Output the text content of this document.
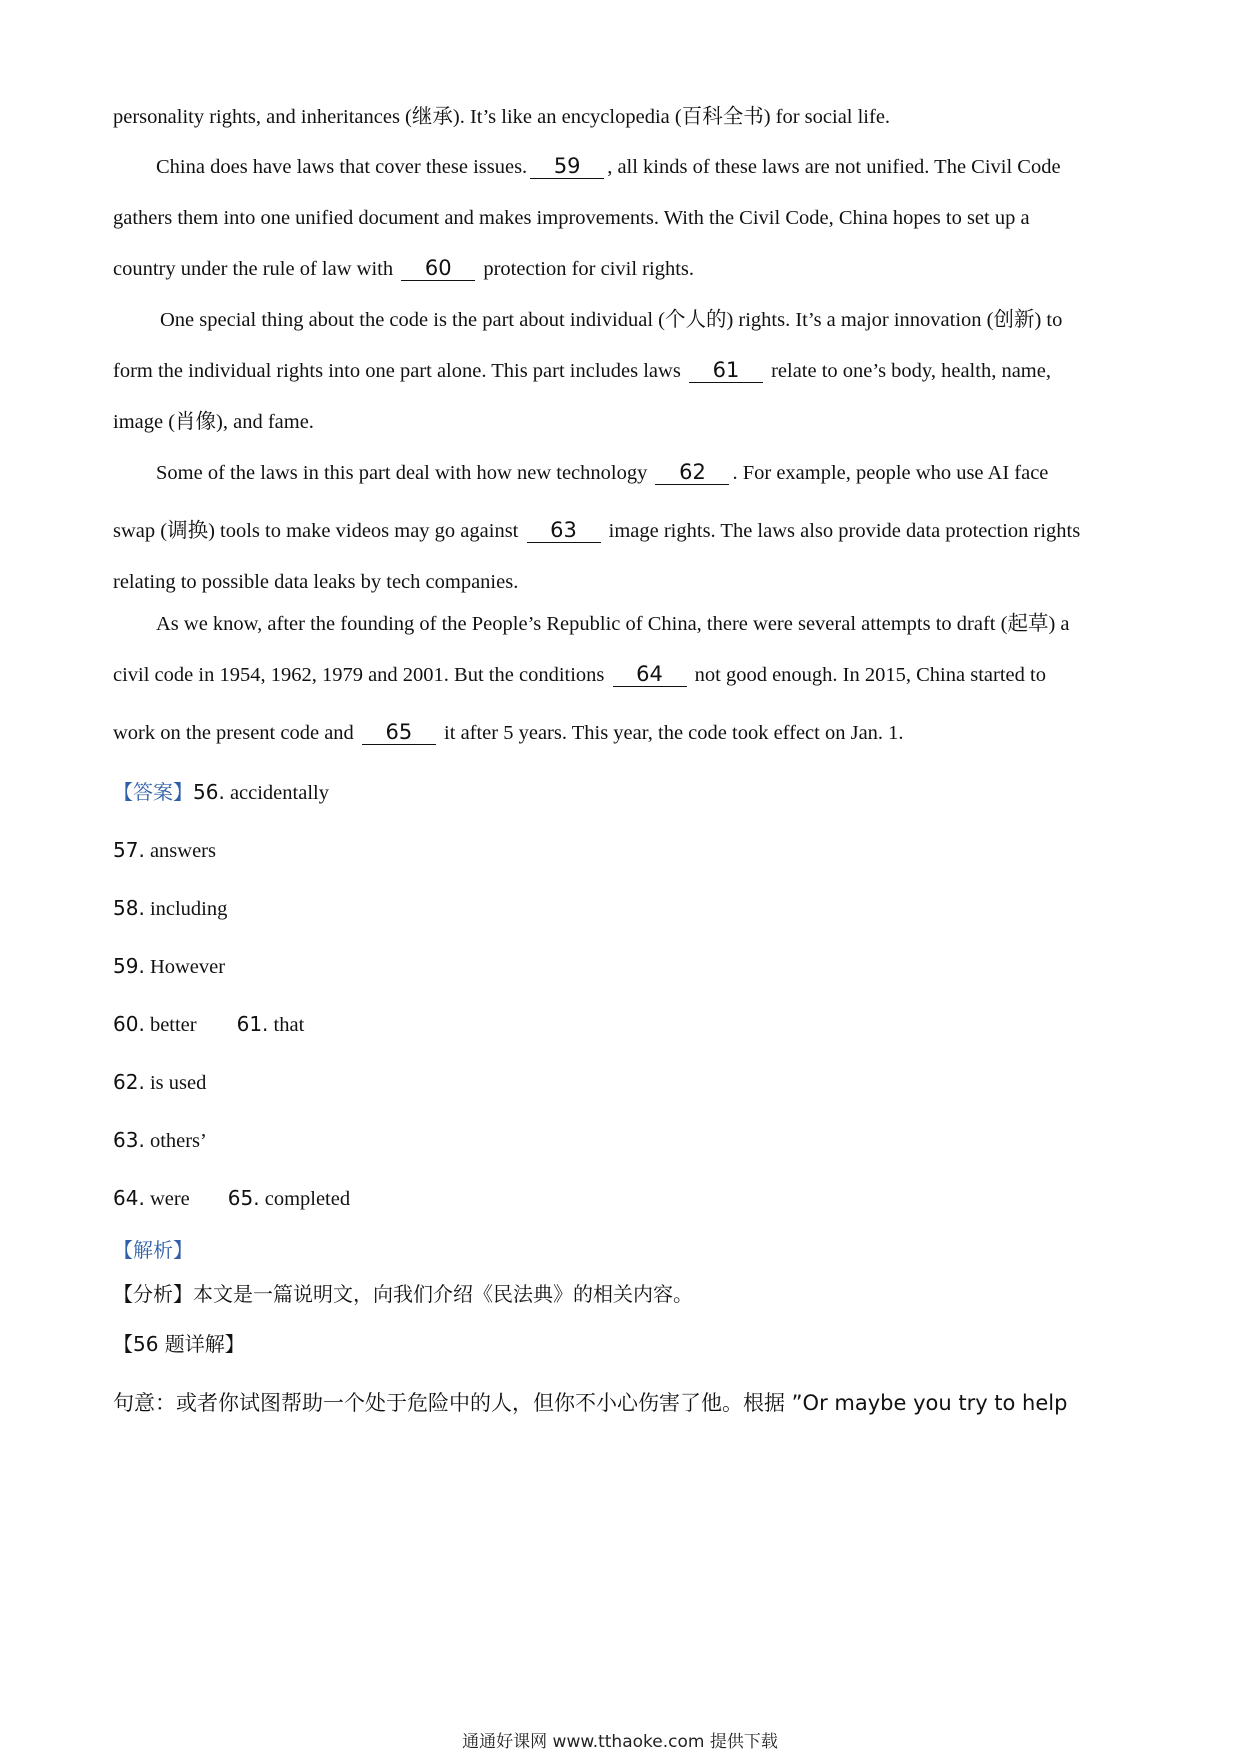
personality rights, and inheritances (继承). It’s like an encyclopedia (百科全书) for social life.
China does have laws that cover these issues. 59 , all kinds of these laws are not unified. The Civil Code
gathers them into one unified document and makes improvements. With the Civil Code, China hopes to set up a
country under the rule of law with 60 protection for civil rights.
One special thing about the code is the part about individual (个人的) rights. It’s a major innovation (创新) to
form the individual rights into one part alone. This part includes laws 61 relate to one’s body, health, name,
image (肖像), and fame.
Some of the laws in this part deal with how new technology 62 . For example, people who use AI face
swap (调换) tools to make videos may go against 63 image rights. The laws also provide data protection rights
relating to possible data leaks by tech companies.
As we know, after the founding of the People’s Republic of China, there were several attempts to draft (起草) a
civil code in 1954, 1962, 1979 and 2001. But the conditions 64 not good enough. In 2015, China started to
work on the present code and 65 it after 5 years. This year, the code took effect on Jan. 1.
【答案】56. accidentally
57. answers
58. including
59. However
60. better 61. that
62. is used
63. others’
64. were 65. completed
【解析】
【分析】本文是一篇说明文，向我们介绍《民法典》的相关内容。
【56 题详解】
句意：或者你试图帮助一个处于危险中的人，但你不小心伤害了他。根据 ”Or maybe you try to help
通通好课网 www.tthaoke.com 提供下载
